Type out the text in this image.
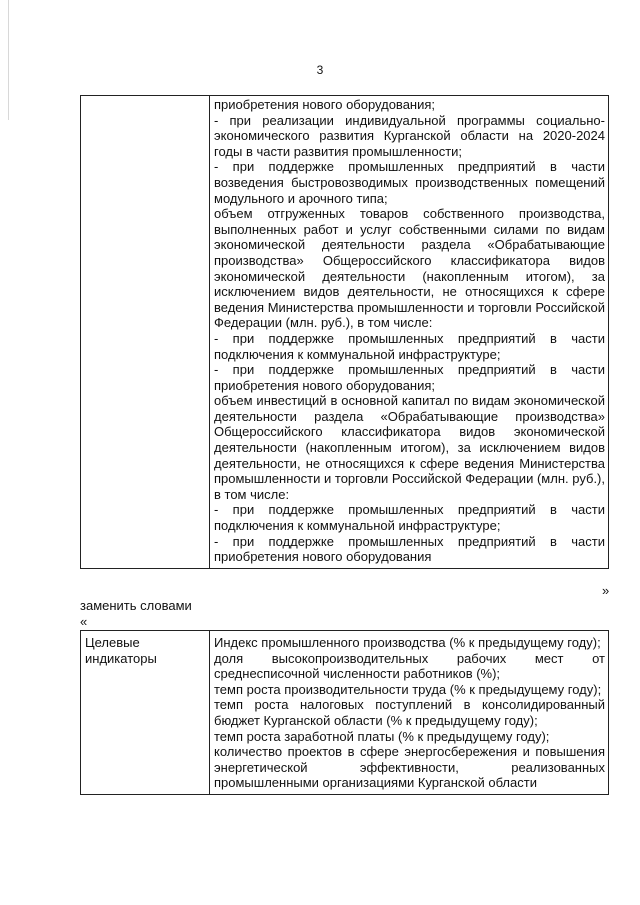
3

приобретения нового оборудования;
- при реализации индивидуальной программы социально-экономического развития Курганской области на 2020-2024 годы в части развития промышленности;
- при поддержке промышленных предприятий в части возведения быстровозводимых производственных помещений модульного и арочного типа;
объем отгруженных товаров собственного производства, выполненных работ и услуг собственными силами по видам экономической деятельности раздела «Обрабатывающие производства» Общероссийского классификатора видов экономической деятельности (накопленным итогом), за исключением видов деятельности, не относящихся к сфере ведения Министерства промышленности и торговли Российской Федерации (млн. руб.), в том числе:
- при поддержке промышленных предприятий в части подключения к коммунальной инфраструктуре;
- при поддержке промышленных предприятий в части приобретения нового оборудования;
объем инвестиций в основной капитал по видам экономической деятельности раздела «Обрабатывающие производства» Общероссийского классификатора видов экономической деятельности (накопленным итогом), за исключением видов деятельности, не относящихся к сфере ведения Министерства промышленности и торговли Российской Федерации (млн. руб.), в том числе:
- при поддержке промышленных предприятий в части подключения к коммунальной инфраструктуре;
- при поддержке промышленных предприятий в части приобретения нового оборудования
»
заменить словами
«
Целевые индикаторы	
Индекс промышленного производства (% к предыдущему году);
доля высокопроизводительных рабочих мест от среднесписочной численности работников (%);
темп роста производительности труда (% к предыдущему году);
темп роста налоговых поступлений в консолидированный бюджет Курганской области (% к предыдущему году);
темп роста заработной платы (% к предыдущему году);
количество проектов в сфере энергосбережения и повышения энергетической эффективности, реализованных промышленными организациями Курганской области
